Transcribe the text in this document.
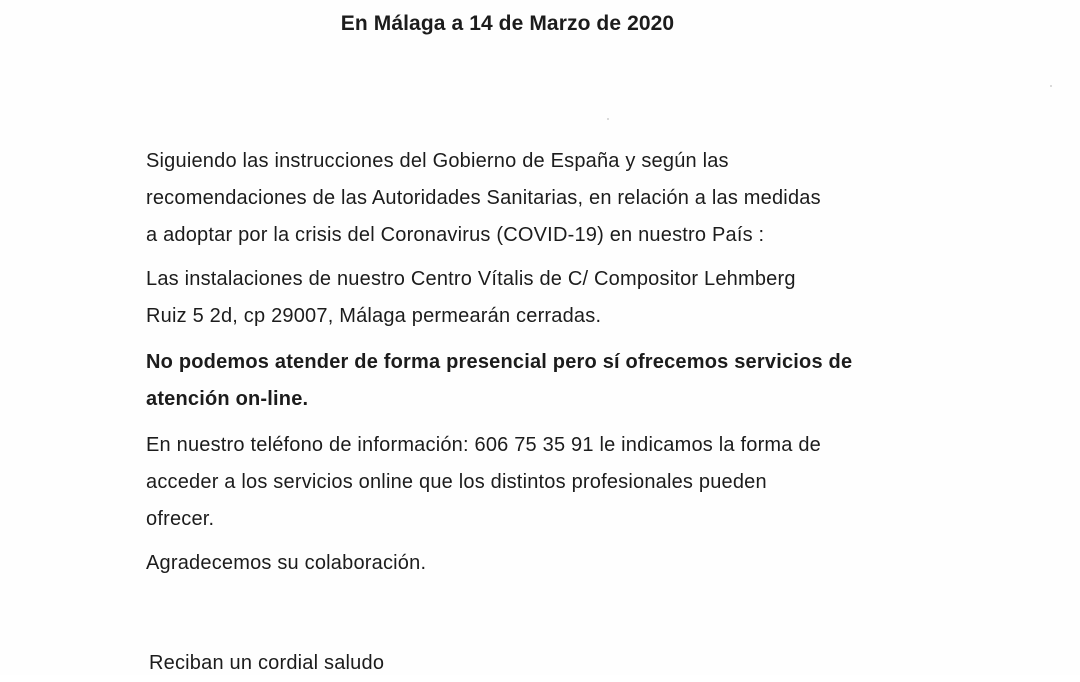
En Málaga a 14 de Marzo de 2020
Siguiendo las instrucciones del Gobierno de España y según las
recomendaciones de las Autoridades Sanitarias, en relación a las medidas
a adoptar por la crisis del Coronavirus (COVID-19) en nuestro País :
Las instalaciones de nuestro Centro Vítalis de C/ Compositor Lehmberg
Ruiz 5 2d, cp 29007, Málaga permearán cerradas.
No podemos atender de forma presencial pero sí ofrecemos servicios de
atención on-line.
En nuestro teléfono de información: 606 75 35 91 le indicamos la forma de
acceder a los servicios online que los distintos profesionales pueden
ofrecer.
Agradecemos su colaboración.
Reciban un cordial saludo
